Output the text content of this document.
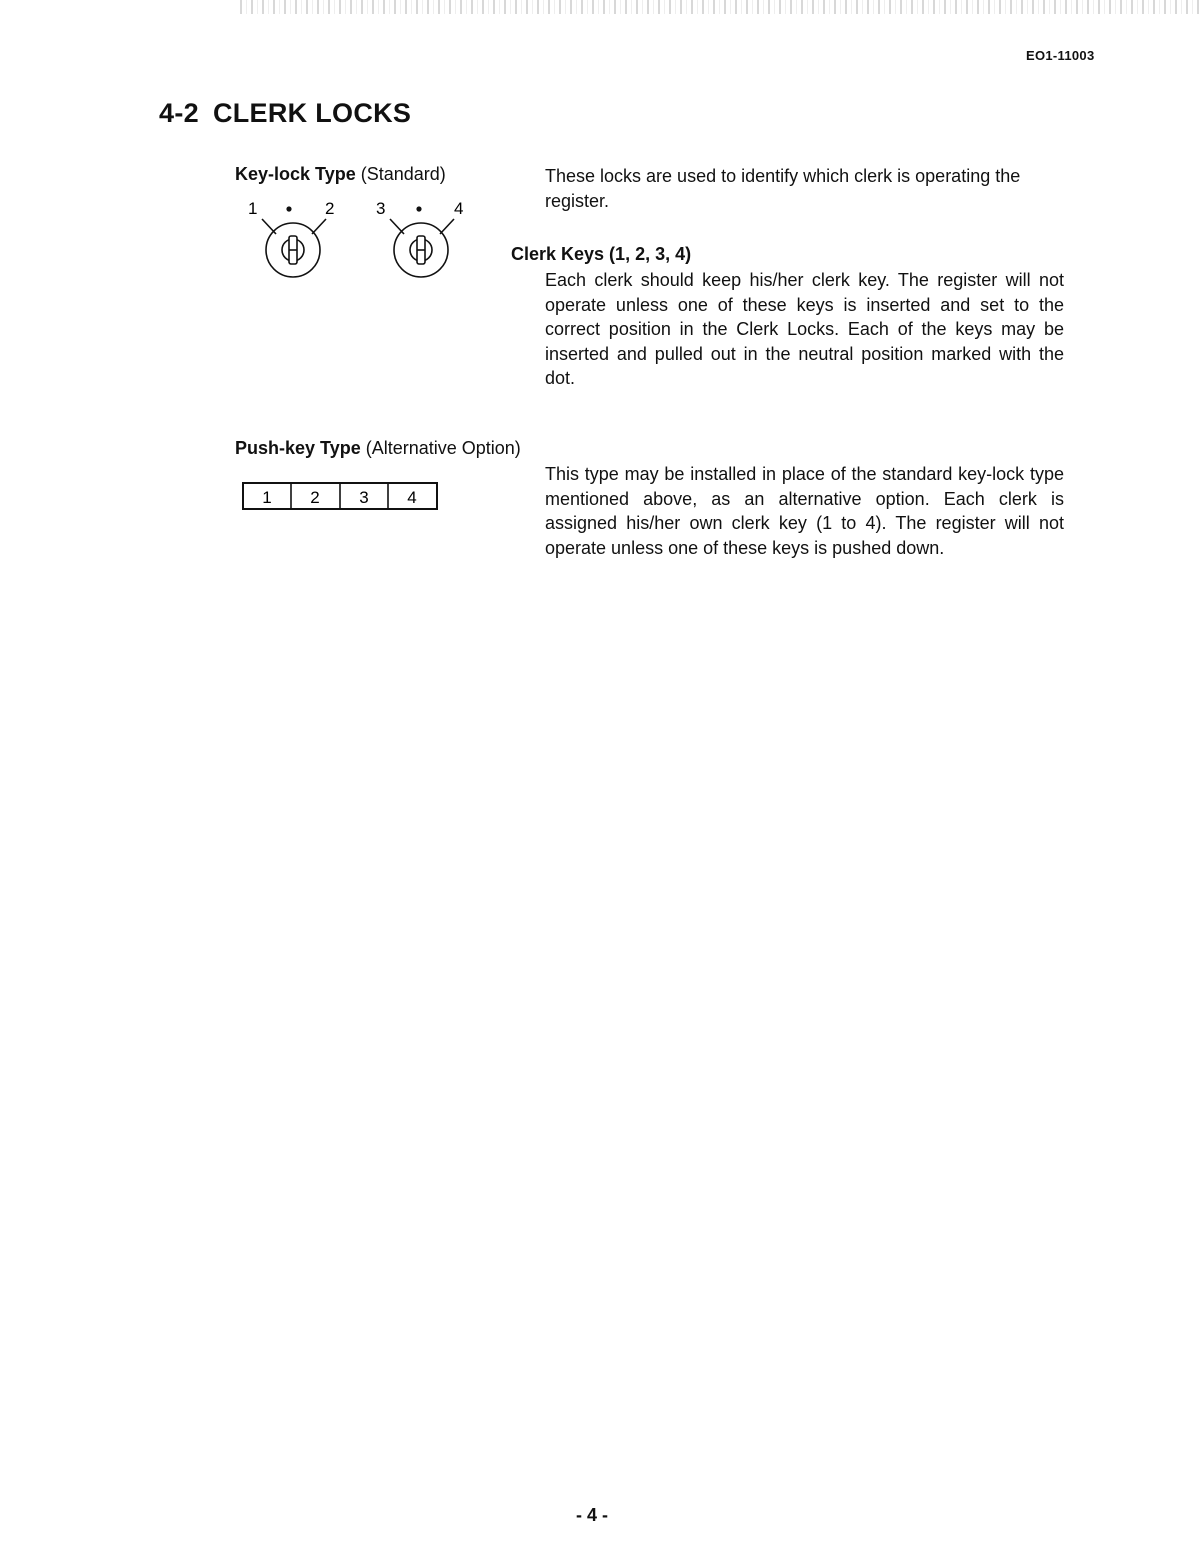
EO1-11003
4-2 CLERK LOCKS
Key-lock Type (Standard)	These locks are used to identify which clerk is operating the register.

1	2 3	4
Clerk Keys (1, 2, 3, 4)

Each clerk should keep his/her clerk key. The register will not operate unless one of these keys is inserted and set to the correct position in the Clerk Locks. Each of the keys may be inserted and pulled out in the neutral position marked with the dot.

Push-key Type (Alternative Option)

This type may be installed in place of the standard key-lock type mentioned above, as an alternative option. Each clerk is assigned his/her own clerk key (1 to 4). The register will not operate unless one of these keys is pushed down.

1 2 3 4
- 4 -
